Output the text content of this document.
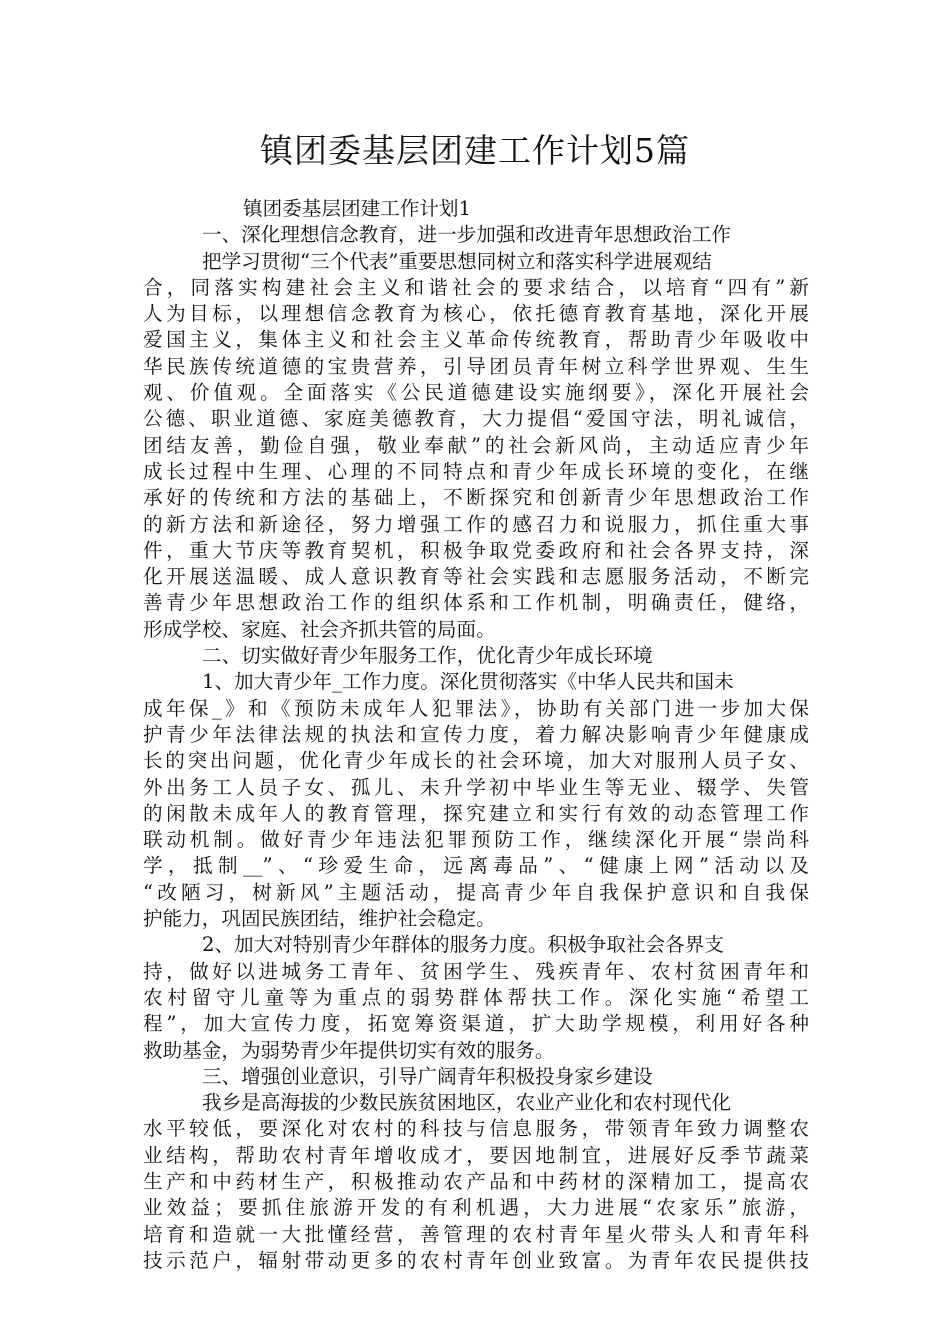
镇团委基层团建工作计划5篇
镇团委基层团建工作计划1
一、深化理想信念教育，进一步加强和改进青年思想政治工作
把学习贯彻“三个代表”重要思想同树立和落实科学进展观结
合，同落实构建社会主义和谐社会的要求结合，以培育“四有”新
人为目标，以理想信念教育为核心，依托德育教育基地，深化开展
爱国主义，集体主义和社会主义革命传统教育，帮助青少年吸收中
华民族传统道德的宝贵营养，引导团员青年树立科学世界观、生生
观、价值观。全面落实《公民道德建设实施纲要》，深化开展社会
公德、职业道德、家庭美德教育，大力提倡“爱国守法，明礼诚信，
团结友善，勤俭自强，敬业奉献”的社会新风尚，主动适应青少年
成长过程中生理、心理的不同特点和青少年成长环境的变化，在继
承好的传统和方法的基础上，不断探究和创新青少年思想政治工作
的新方法和新途径，努力增强工作的感召力和说服力，抓住重大事
件，重大节庆等教育契机，积极争取党委政府和社会各界支持，深
化开展送温暖、成人意识教育等社会实践和志愿服务活动，不断完
善青少年思想政治工作的组织体系和工作机制，明确责任，健络，
形成学校、家庭、社会齐抓共管的局面。
二、切实做好青少年服务工作，优化青少年成长环境
1、加大青少年_工作力度。深化贯彻落实《中华人民共和国未
成年保_》和《预防未成年人犯罪法》，协助有关部门进一步加大保
护青少年法律法规的执法和宣传力度，着力解决影响青少年健康成
长的突出问题，优化青少年成长的社会环境，加大对服刑人员子女、
外出务工人员子女、孤儿、未升学初中毕业生等无业、辍学、失管
的闲散未成年人的教育管理，探究建立和实行有效的动态管理工作
联动机制。做好青少年违法犯罪预防工作，继续深化开展“崇尚科
学，抵制__”、“珍爱生命，远离毒品”、“健康上网”活动以及
“改陋习，树新风”主题活动，提高青少年自我保护意识和自我保
护能力，巩固民族团结，维护社会稳定。
2、加大对特别青少年群体的服务力度。积极争取社会各界支
持，做好以进城务工青年、贫困学生、残疾青年、农村贫困青年和
农村留守儿童等为重点的弱势群体帮扶工作。深化实施“希望工
程”，加大宣传力度，拓宽筹资渠道，扩大助学规模，利用好各种
救助基金，为弱势青少年提供切实有效的服务。
三、增强创业意识，引导广阔青年积极投身家乡建设
我乡是高海拔的少数民族贫困地区，农业产业化和农村现代化
水平较低，要深化对农村的科技与信息服务，带领青年致力调整农
业结构，帮助农村青年增收成才，要因地制宜，进展好反季节蔬菜
生产和中药材生产，积极推动农产品和中药材的深精加工，提高农
业效益；要抓住旅游开发的有利机遇，大力进展“农家乐”旅游，
培育和造就一大批懂经营，善管理的农村青年星火带头人和青年科
技示范户，辐射带动更多的农村青年创业致富。为青年农民提供技
